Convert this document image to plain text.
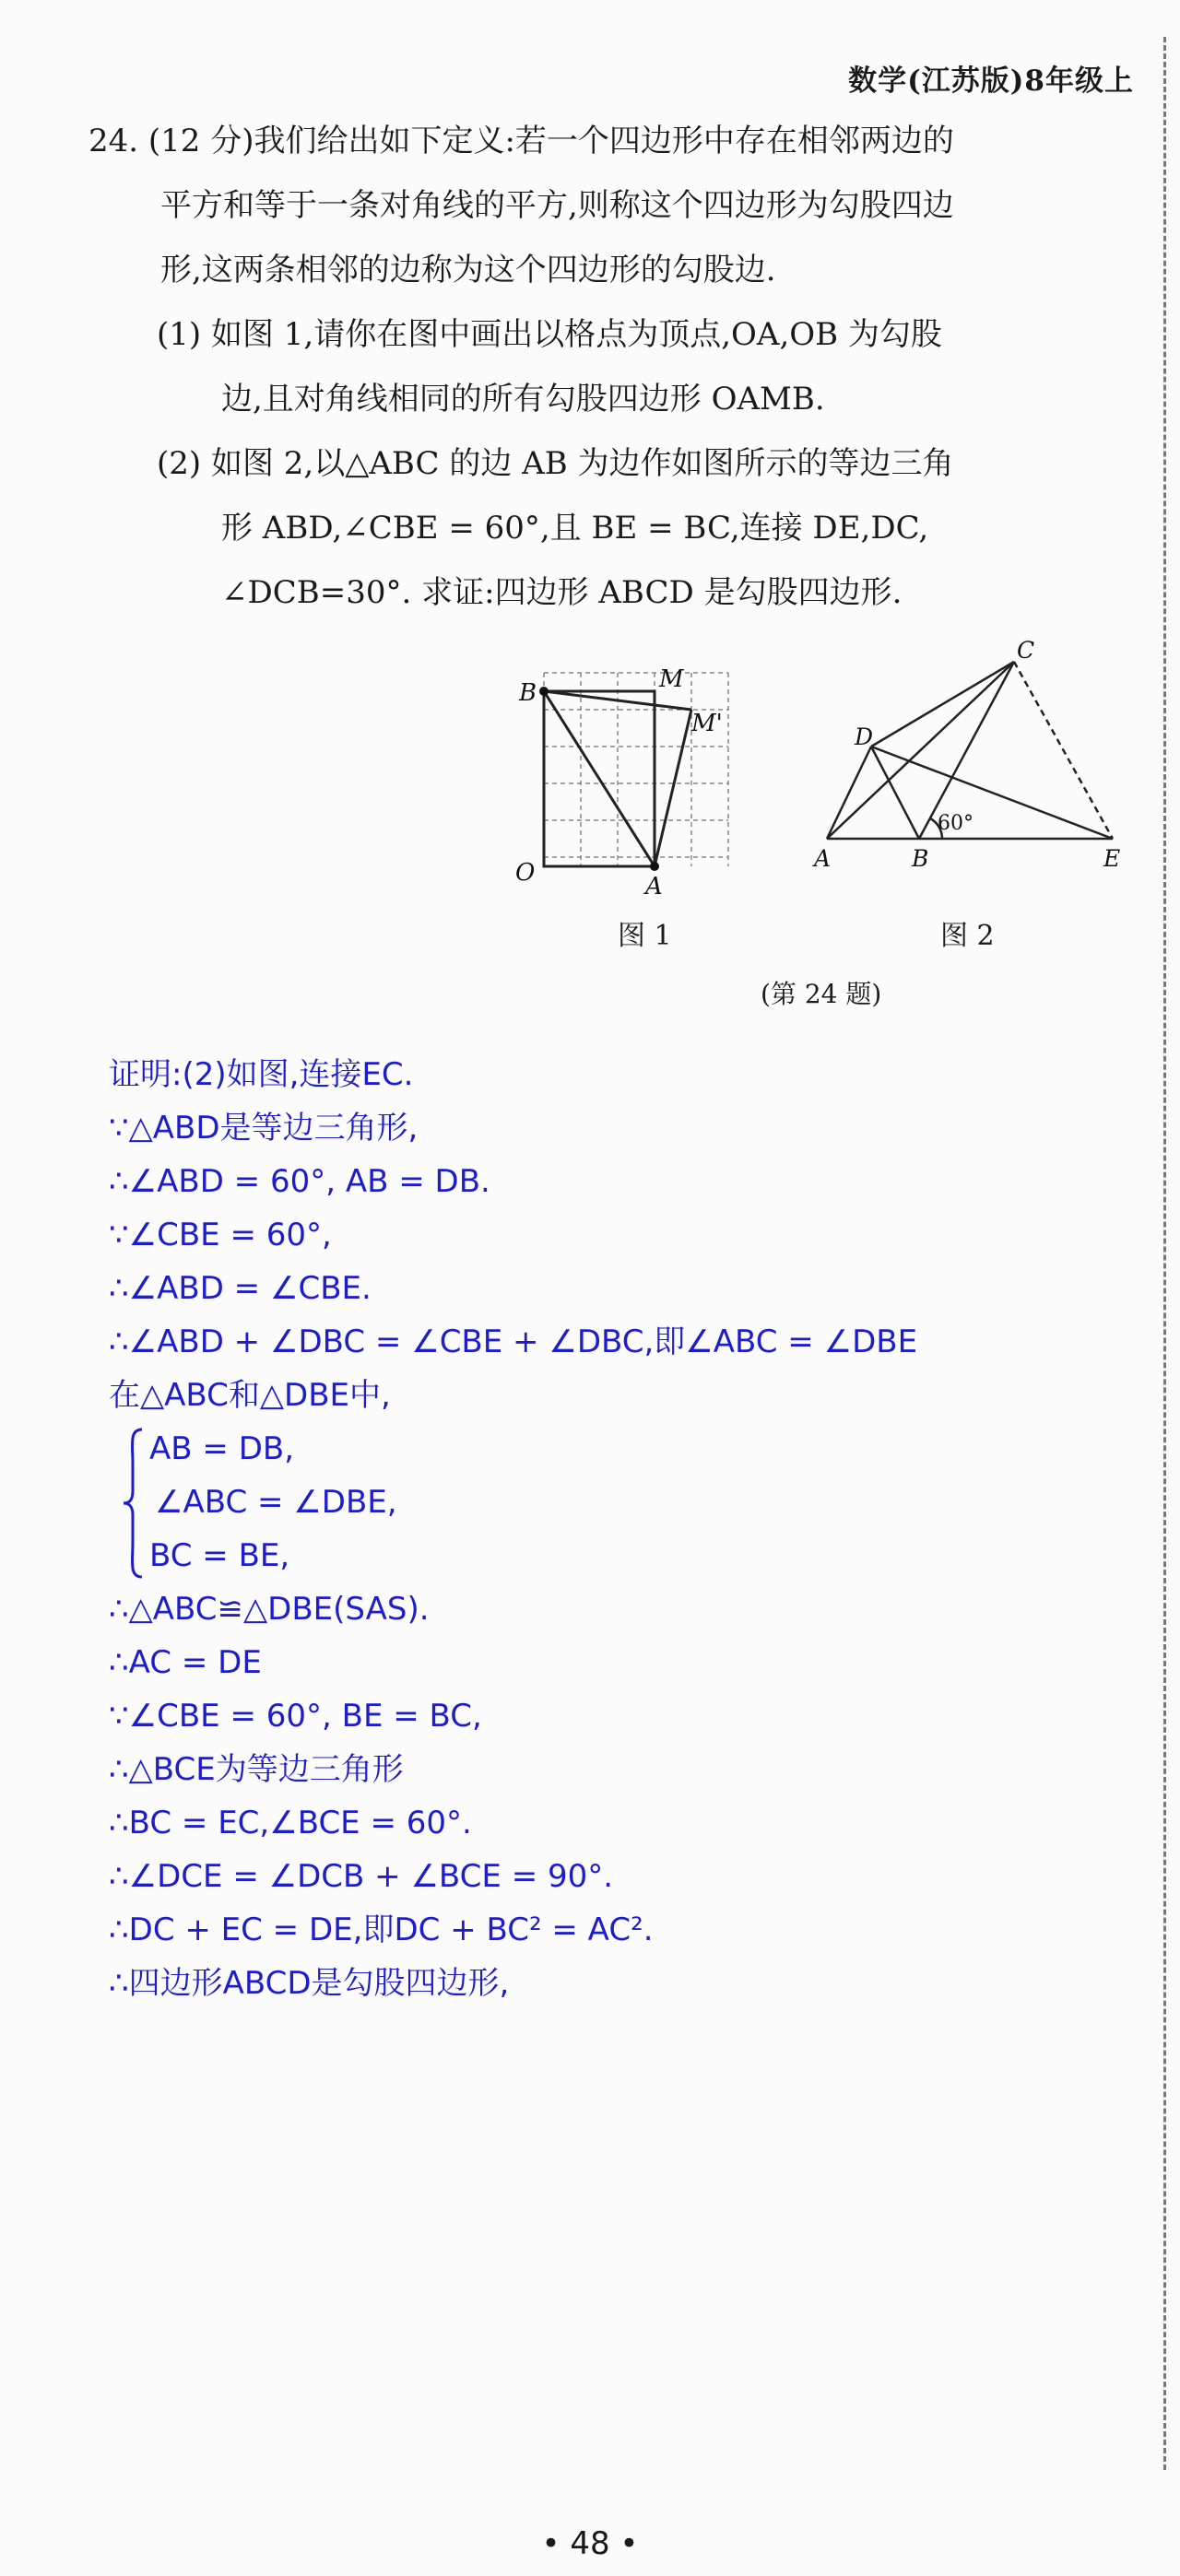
数学(江苏版)8年级上
24. (12 分)我们给出如下定义:若一个四边形中存在相邻两边的
平方和等于一条对角线的平方,则称这个四边形为勾股四边
形,这两条相邻的边称为这个四边形的勾股边.
(1) 如图 1,请你在图中画出以格点为顶点,OA,OB 为勾股
边,且对角线相同的所有勾股四边形 OAMB.
(2) 如图 2,以△ABC 的边 AB 为边作如图所示的等边三角
形 ABD,∠CBE = 60°,且 BE = BC,连接 DE,DC,
∠DCB=30°. 求证:四边形 ABCD 是勾股四边形.
B
O	A
M
M'
图 1
A	B
C
D
E
60°
图 2
(第 24 题)
证明:(2)如图,连接EC.
∵△ABD是等边三角形,
∴∠ABD = 60°, AB = DB.
∵∠CBE = 60°,
∴∠ABD = ∠CBE.
∴∠ABD + ∠DBC = ∠CBE + ∠DBC,即∠ABC = ∠DBE
在△ABC和△DBE中,
AB = DB,
∠ABC = ∠DBE,
BC = BE,
∴△ABC≌△DBE(SAS).
∴AC = DE
∵∠CBE = 60°, BE = BC,
∴△BCE为等边三角形
∴BC = EC,∠BCE = 60°.
∴∠DCE = ∠DCB + ∠BCE = 90°.
∴DC + EC = DE,即DC + BC² = AC².
∴四边形ABCD是勾股四边形,
• 48 •
